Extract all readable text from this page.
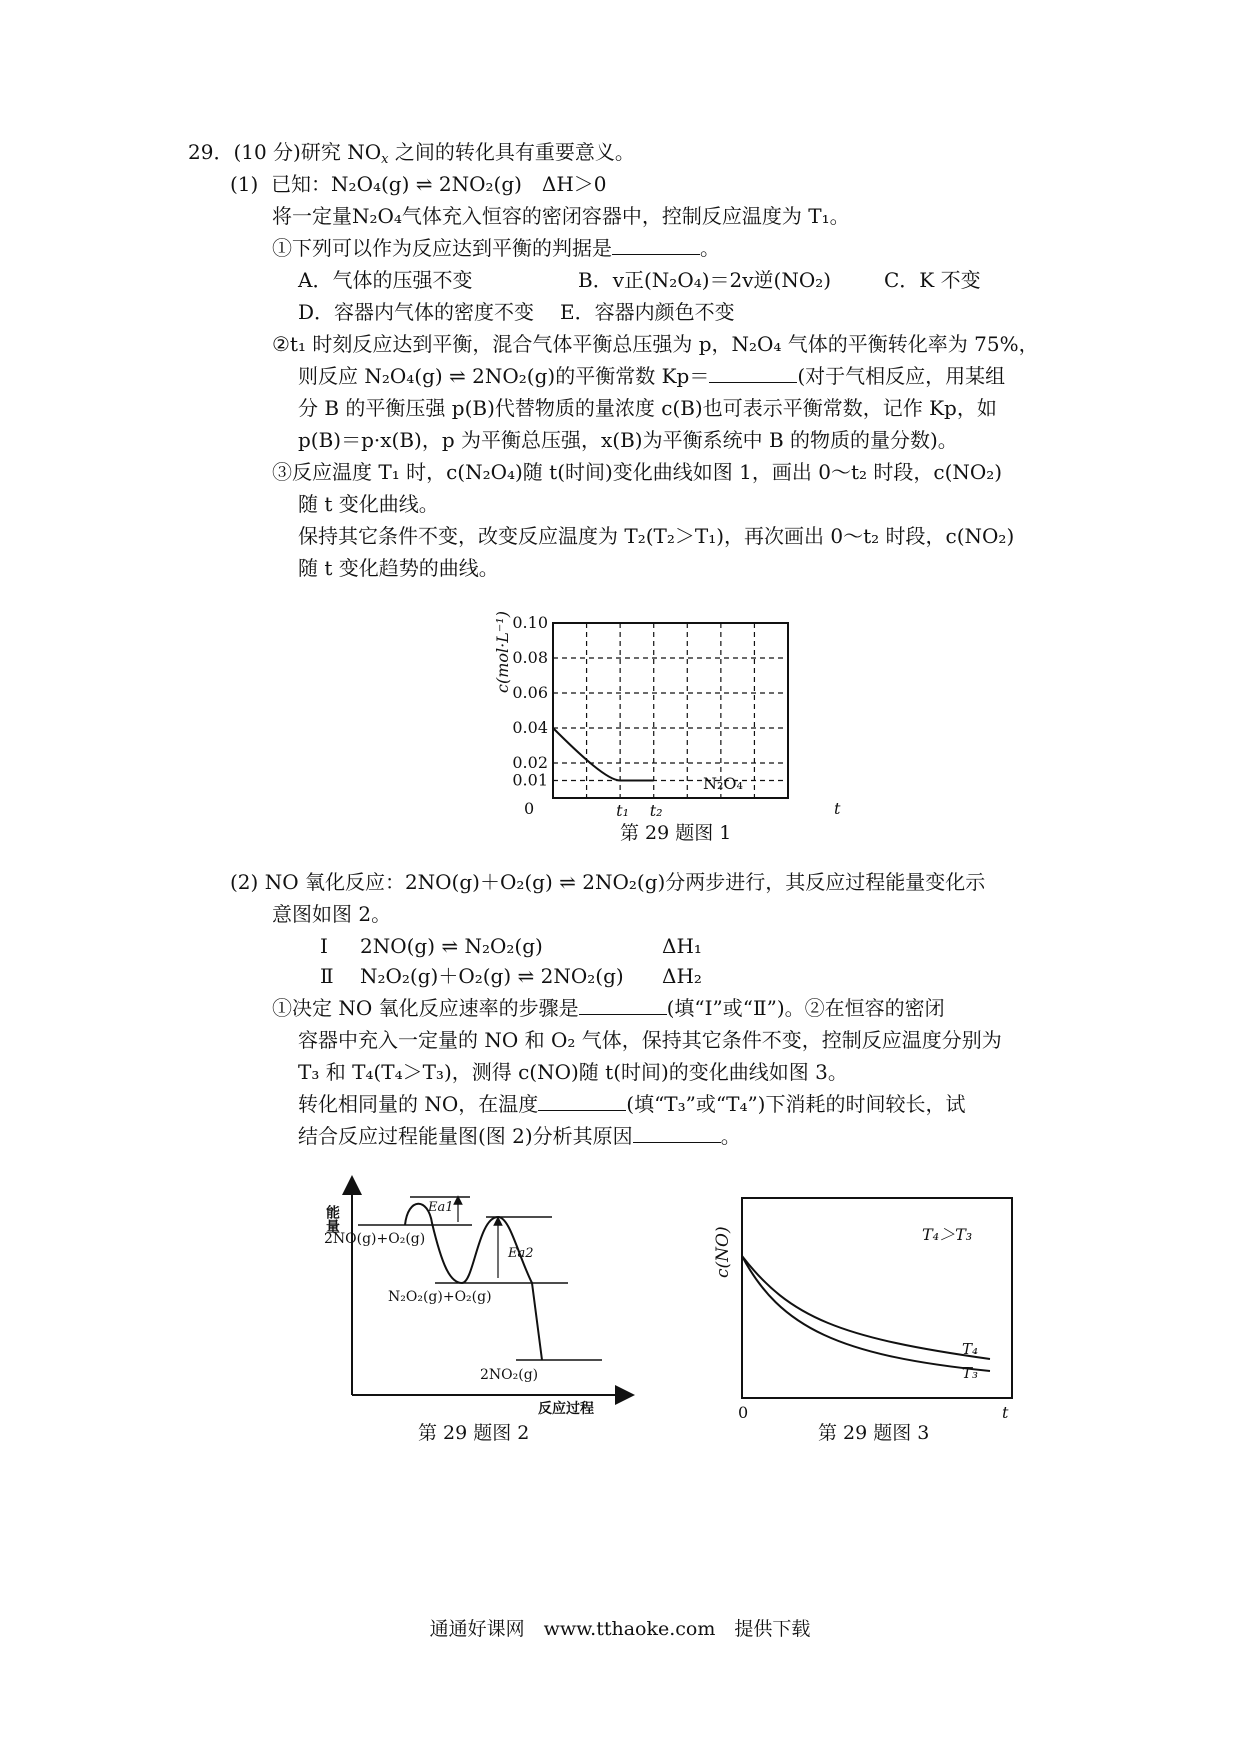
29．(10 分)研究 $NO_x$ 之间的转化具有重要意义。
(1) 已知：N₂O₄(g) ⇌ 2NO₂(g)　ΔH＞0
将一定量N₂O₄气体充入恒容的密闭容器中，控制反应温度为 T₁。
①下列可以作为反应达到平衡的判据是	。
A．气体的压强不变	B．v正(N₂O₄)＝2v逆(NO₂)	C．K 不变
D．容器内气体的密度不变 E．容器内颜色不变
②t₁ 时刻反应达到平衡，混合气体平衡总压强为 p，N₂O₄ 气体的平衡转化率为 75%，
则反应 N₂O₄(g) ⇌ 2NO₂(g)的平衡常数 Kp＝	(对于气相反应，用某组
分 B 的平衡压强 p(B)代替物质的量浓度 c(B)也可表示平衡常数，记作 Kp，如
p(B)＝p·x(B)，p 为平衡总压强，x(B)为平衡系统中 B 的物质的量分数)。
③反应温度 T₁ 时，c(N₂O₄)随 t(时间)变化曲线如图 1，画出 0～t₂ 时段，c(NO₂)
随 t 变化曲线。
保持其它条件不变，改变反应温度为 T₂(T₂＞T₁)，再次画出 0～t₂ 时段，c(NO₂)
随 t 变化趋势的曲线。
0.10
0.08
0.06
0.04
0.02
0.01
t₁ t₂
c(mol·L⁻¹)
0	t
N₂O₄
第 29 题图 1
(2) NO 氧化反应：2NO(g)＋O₂(g) ⇌ 2NO₂(g)分两步进行，其反应过程能量变化示
意图如图 2。
Ⅰ 2NO(g) ⇌ N₂O₂(g)	ΔH₁
Ⅱ N₂O₂(g)＋O₂(g) ⇌ 2NO₂(g) ΔH₂
①决定 NO 氧化反应速率的步骤是	(填“Ⅰ”或“Ⅱ”)。②在恒容的密闭
容器中充入一定量的 NO 和 O₂ 气体，保持其它条件不变，控制反应温度分别为
T₃ 和 T₄(T₄＞T₃)，测得 c(NO)随 t(时间)的变化曲线如图 3。
转化相同量的 NO，在温度	(填“T₃”或“T₄”)下消耗的时间较长，试
结合反应过程能量图(图 2)分析其原因	。
能量
反应过程
Ea1
Ea2
2NO(g)+O₂(g)
N₂O₂(g)+O₂(g)
2NO₂(g)
第 29 题图 2
c(NO)
0	t
T₄＞T₃
T₄
T₃
第 29 题图 3
通通好课网　www.tthaoke.com　提供下载
